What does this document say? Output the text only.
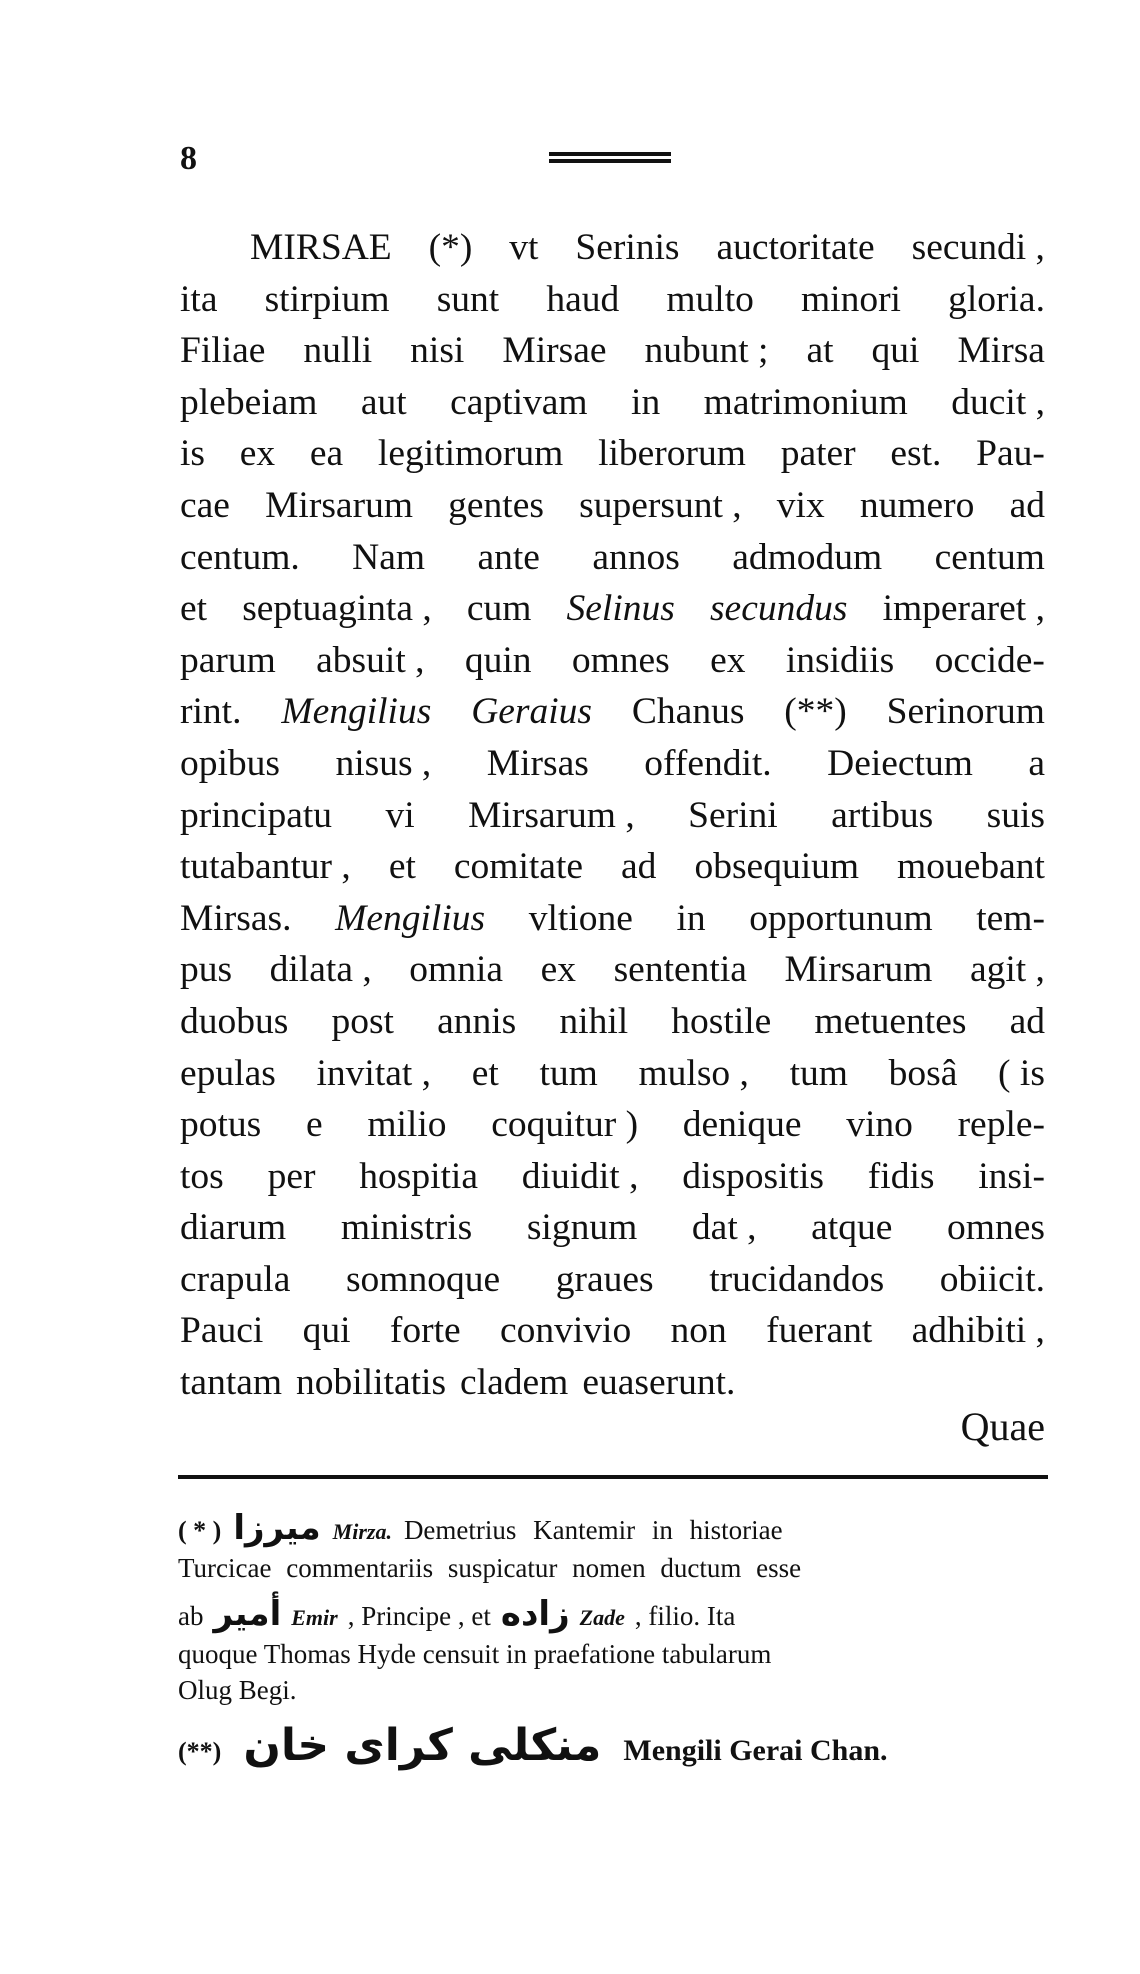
8
MIRSAE (*) vt Serinis auctoritate secundi ,
ita stirpium sunt haud multo minori gloria.
Filiae nulli nisi Mirsae nubunt ; at qui Mirsa
plebeiam aut captivam in matrimonium ducit ,
is ex ea legitimorum liberorum pater est. Pau-
cae Mirsarum gentes supersunt , vix numero ad
centum. Nam ante annos admodum centum
et septuaginta , cum Selinus secundus imperaret ,
parum absuit , quin omnes ex insidiis occide-
rint. Mengilius Geraius Chanus (**) Serinorum
opibus nisus , Mirsas offendit. Deiectum a
principatu vi Mirsarum , Serini artibus suis
tutabantur , et comitate ad obsequium mouebant
Mirsas. Mengilius vltione in opportunum tem-
pus dilata , omnia ex sententia Mirsarum agit ,
duobus post annis nihil hostile metuentes ad
epulas invitat , et tum mulso , tum bosâ ( is
potus e milio coquitur ) denique vino reple-
tos per hospitia diuidit , dispositis fidis insi-
diarum ministris signum dat , atque omnes
crapula somnoque graues trucidandos obiicit.
Pauci qui forte convivio non fuerant adhibiti ,
tantam nobilitatis cladem euaserunt.
Quae
( * ) ميرزا Mirza. Demetrius Kantemir in historiae
Turcicae commentariis suspicatur nomen ductum esse
ab أمير Emir , Principe , et زاده Zade , filio. Ita
quoque Thomas Hyde censuit in praefatione tabularum
Olug Begi.
(**) منكلى كراى خان Mengili Gerai Chan.
